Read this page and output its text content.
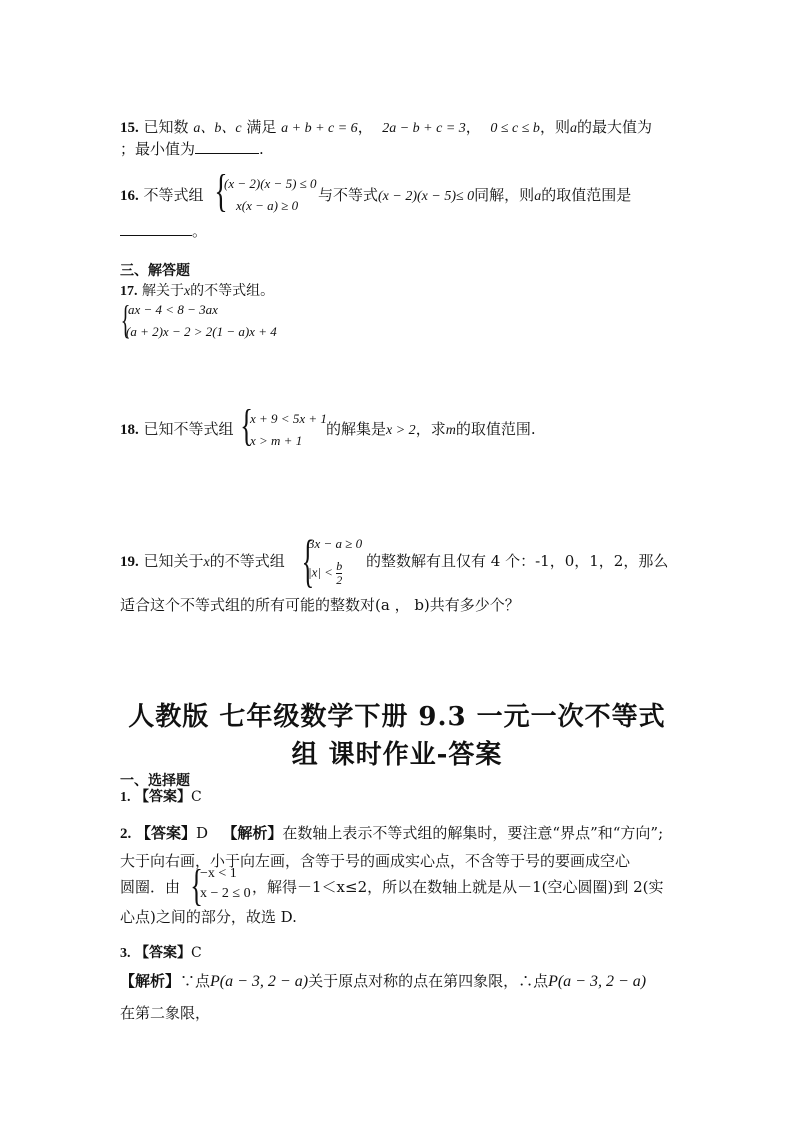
15. 已知数 a、b、c 满足 a + b + c = 6，  2a − b + c = 3，  0 ≤ c ≤ b，则a的最大值为
；最小值为	.
16. 不等式组 {
(x − 2)(x − 5) ≤ 0
x(x − a) ≥ 0
与不等式(x − 2)(x − 5)≤ 0同解，则a的取值范围是
。
三、解答题
17. 解关于x的不等式组。
{
ax − 4 < 8 − 3ax
(a + 2)x − 2 > 2(1 − a)x + 4
18. 已知不等式组 {
x + 9 < 5x + 1
x > m + 1
的解集是x > 2，求m的取值范围.
19. 已知关于x的不等式组 {
3x − a ≥ 0
$|x| < \frac{b}{2}$ 的整数解有且仅有 4 个：-1，0，1，2，那么
适合这个不等式组的所有可能的整数对(a ， b)共有多少个？
人教版 七年级数学下册 9.3 一元一次不等式
组 课时作业-答案
一、选择题
1. 【答案】C
2. 【答案】D 【解析】在数轴上表示不等式组的解集时，要注意“界点”和“方向”;
大于向右画，小于向左画，含等于号的画成实心点，不含等于号的要画成空心
圆圈．由 {
−x < 1
x − 2 ≤ 0 ，解得－1＜x≤2，所以在数轴上就是从－1(空心圆圈)到 2(实
心点)之间的部分，故选 D.
3. 【答案】C
【解析】∵点P(a − 3, 2 − a)关于原点对称的点在第四象限，∴点P(a − 3, 2 − a)
在第二象限，
